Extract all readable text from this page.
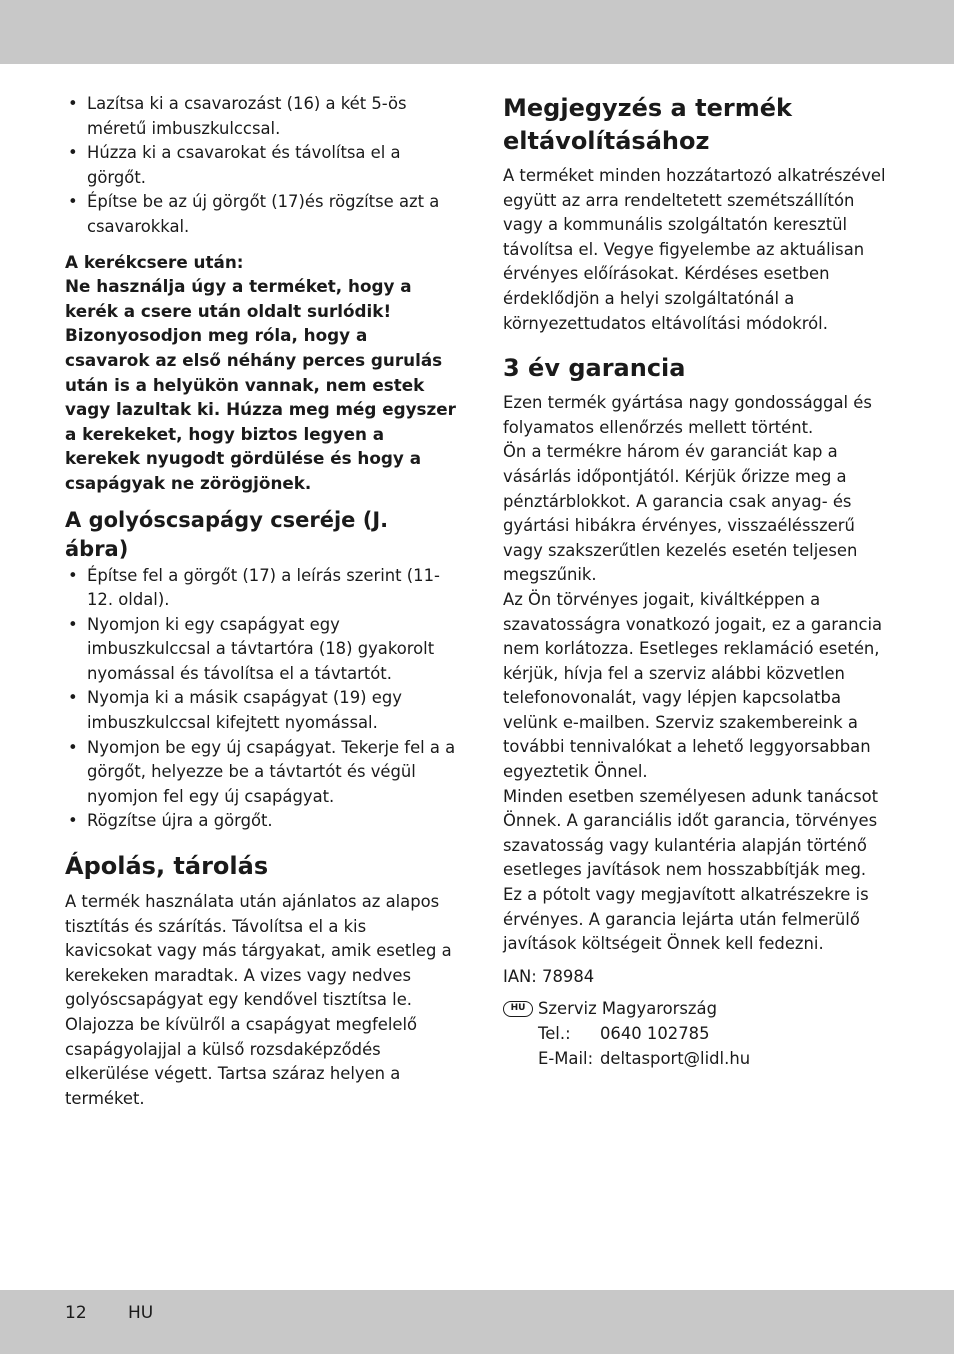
• Lazítsa ki a csavarozást (16) a két 5-ös méretű imbuszkulccsal.
• Húzza ki a csavarokat és távolítsa el a görgőt.
• Építse be az új görgőt (17)és rögzítse azt a csavarokkal.
A kerékcsere után:
Ne használja úgy a terméket, hogy a kerék a csere után oldalt surlódik! Bizonyosodjon meg róla, hogy a csavarok az első néhány perces gurulás után is a helyükön vannak, nem estek vagy lazultak ki. Húzza meg még egyszer a kerekeket, hogy biztos legyen a kerekek nyugodt gördülése és hogy a csapágyak ne zörögjönek.
A golyóscsapágy cseréje (J. ábra)
• Építse fel a görgőt (17) a leírás szerint (11-12. oldal).
• Nyomjon ki egy csapágyat egy imbuszkulccsal a távtartóra (18) gyakorolt nyomással és távolítsa el a távtartót.
• Nyomja ki a másik csapágyat (19) egy imbuszkulccsal kifejtett nyomással.
• Nyomjon be egy új csapágyat. Tekerje fel a a görgőt, helyezze be a távtartót és végül nyomjon fel egy új csapágyat.
• Rögzítse újra a görgőt.
Ápolás, tárolás

A termék használata után ajánlatos az alapos tisztítás és szárítás. Távolítsa el a kis kavicsokat vagy más tárgyakat, amik esetleg a kerekeken maradtak. A vizes vagy nedves golyóscsapágyat egy kendővel tisztítsa le. Olajozza be kívülről a csapágyat megfelelő csapágyolajjal a külső rozsdaképződés elkerülése végett. Tartsa száraz helyen a terméket.

Megjegyzés a termék eltávolításához

A terméket minden hozzátartozó alkatrészével együtt az arra rendeltetett szemétszállítón vagy a kommunális szolgáltatón keresztül távolítsa el. Vegye figyelembe az aktuálisan érvényes előírásokat. Kérdéses esetben érdeklődjön a helyi szolgáltatónál a környezettudatos eltávolítási módokról.

3 év garancia

Ezen termék gyártása nagy gondossággal és folyamatos ellenőrzés mellett történt.

Ön a termékre három év garanciát kap a vásárlás időpontjától. Kérjük őrizze meg a pénztárblokkot. A garancia csak anyag- és gyártási hibákra érvényes, visszaélésszerű vagy szakszerűtlen kezelés esetén teljesen megszűnik.

Az Ön törvényes jogait, kiváltképpen a szavatosságra vonatkozó jogait, ez a garancia nem korlátozza. Esetleges reklamáció esetén, kérjük, hívja fel a szerviz alábbi közvetlen telefonovonalát, vagy lépjen kapcsolatba velünk e-mailben. Szerviz szakembereink a további tennivalókat a lehető leggyorsabban egyeztetik Önnel.

Minden esetben személyesen adunk tanácsot Önnek. A garanciális időt garancia, törvényes szavatosság vagy kulantéria alapján történő esetleges javítások nem hosszabbítják meg.

Ez a pótolt vagy megjavított alkatrészekre is érvényes. A garancia lejárta után felmerülő javítások költségeit Önnek kell fedezni.

IAN: 78984

HU Szerviz Magyarország
Tel.:	0640 102785
E-Mail: deltasport@lidl.hu
12 HU
